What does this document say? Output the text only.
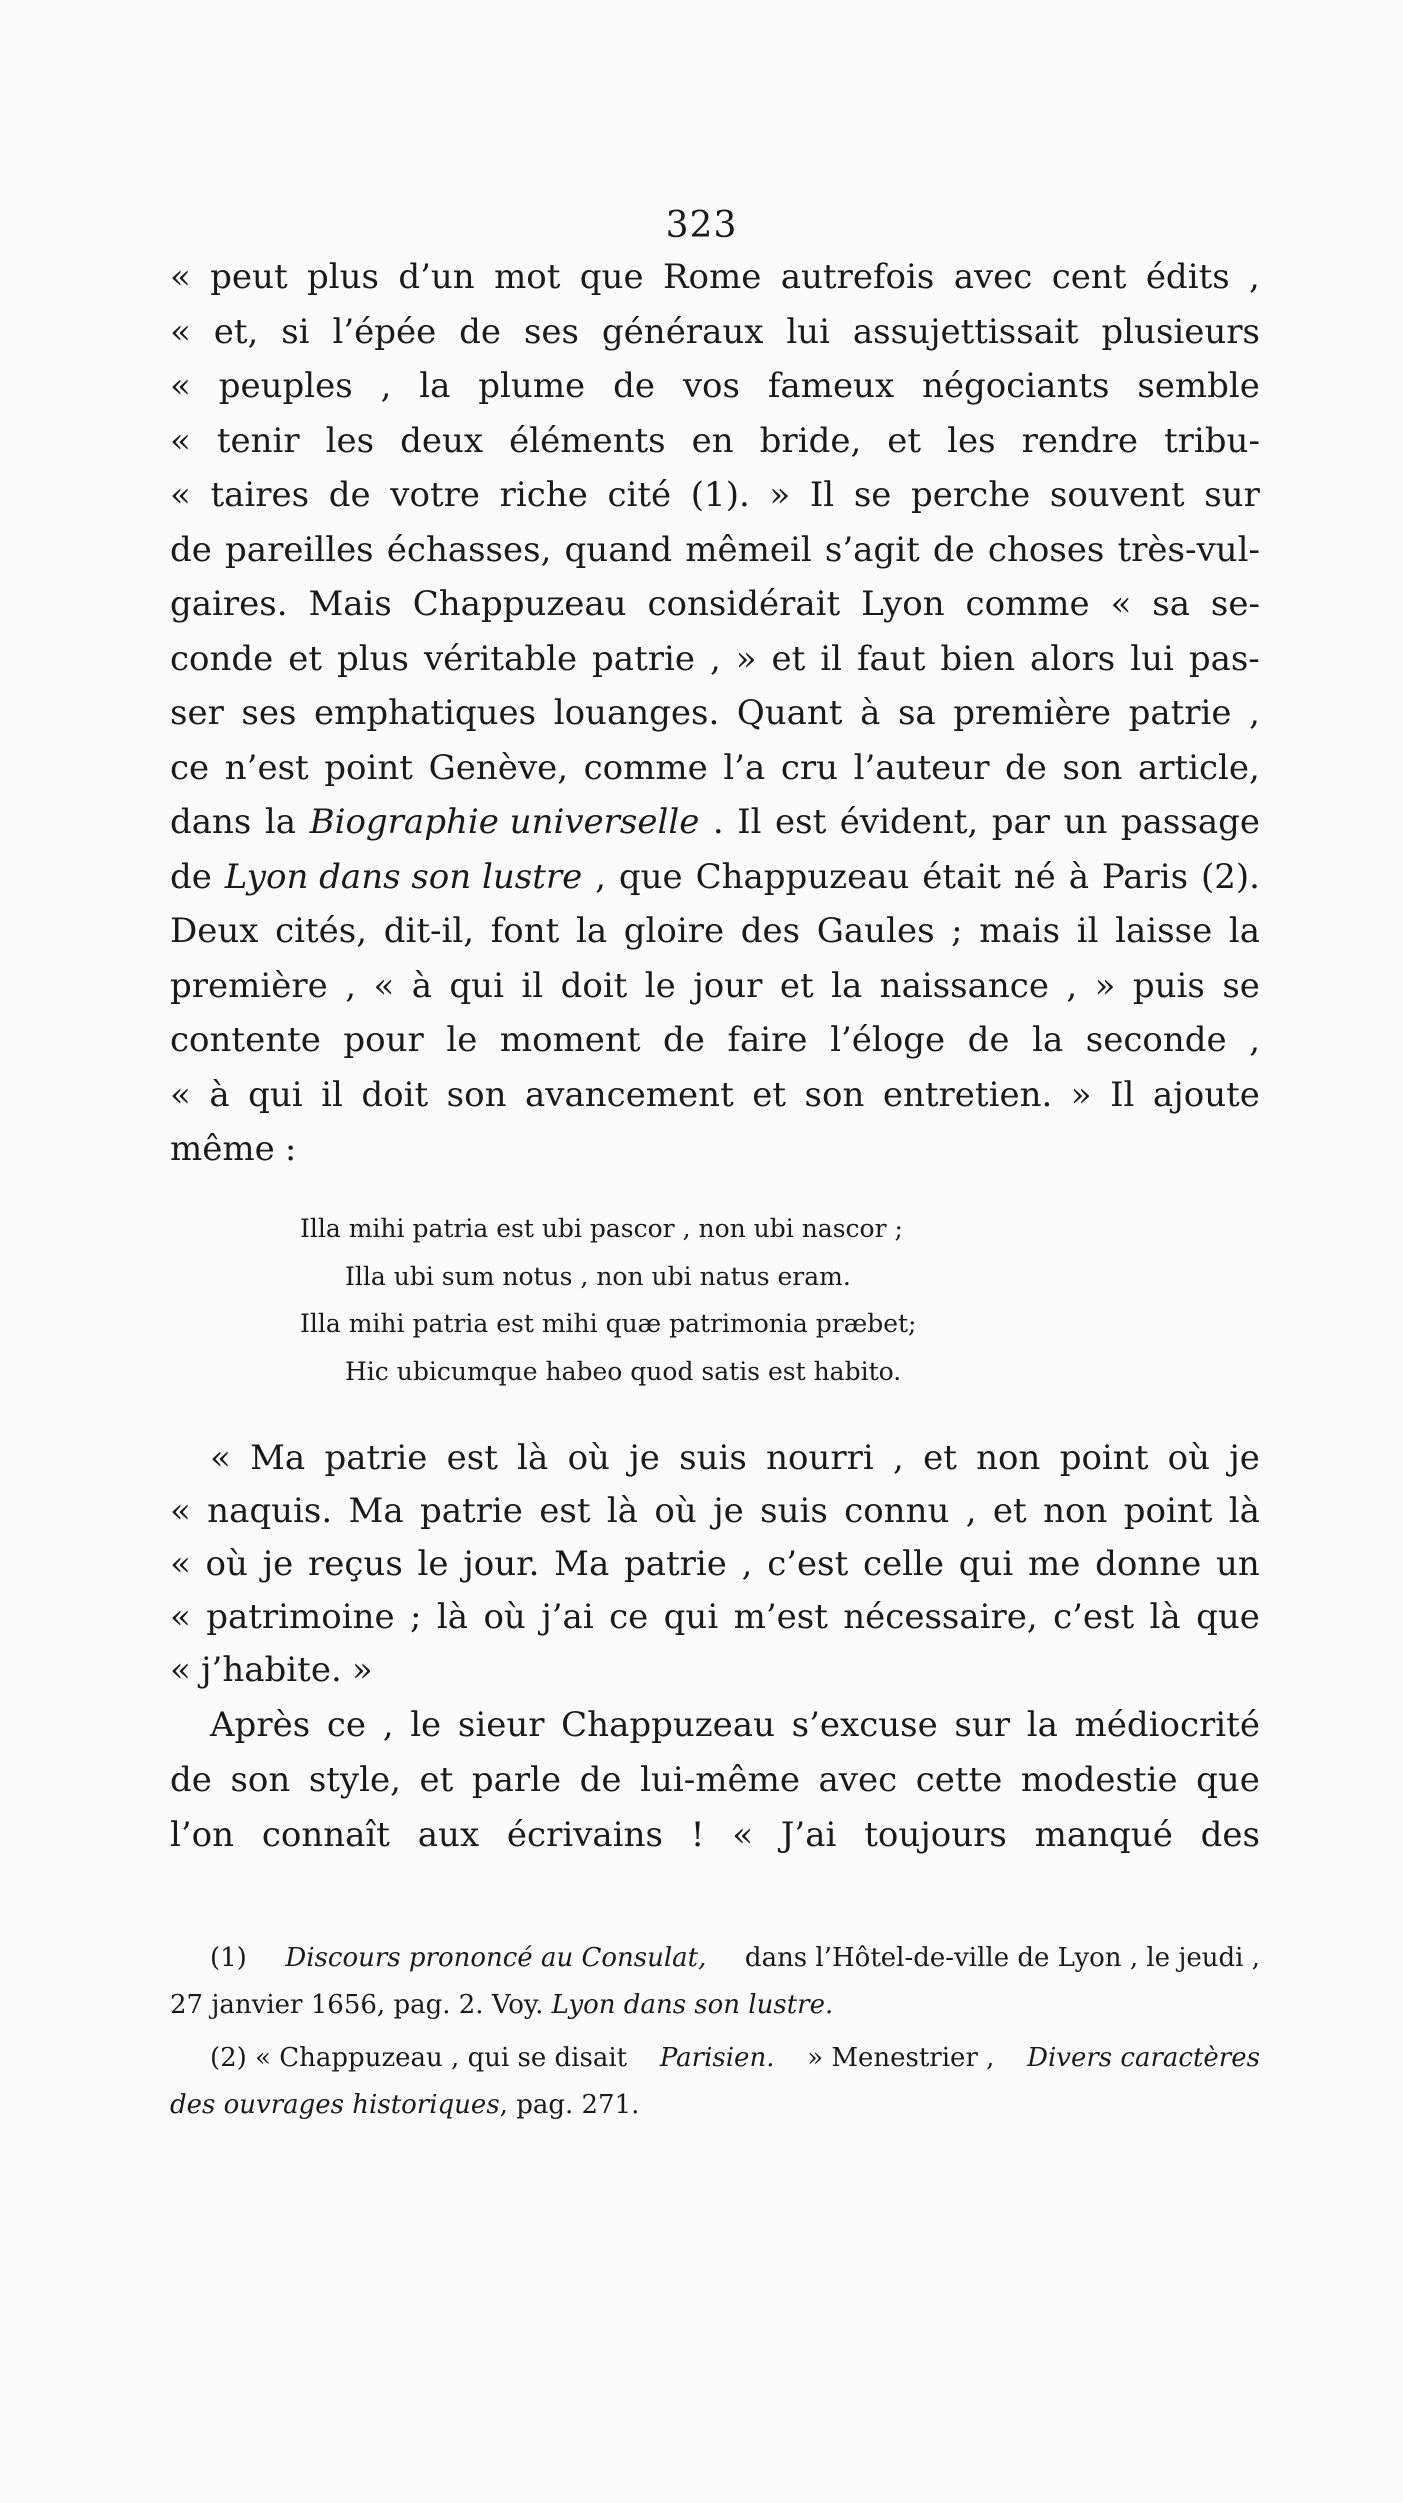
323
« peut plus d’un mot que Rome autrefois avec cent édits ,
« et, si l’épée de ses généraux lui assujettissait plusieurs
« peuples , la plume de vos fameux négociants semble
« tenir les deux éléments en bride, et les rendre tribu-
« taires de votre riche cité (1). » Il se perche souvent sur
de pareilles échasses, quand mêmeil s’agit de choses très-vul-
gaires. Mais Chappuzeau considérait Lyon comme « sa se-
conde et plus véritable patrie , » et il faut bien alors lui pas-
ser ses emphatiques louanges. Quant à sa première patrie ,
ce n’est point Genève, comme l’a cru l’auteur de son article,
dans la Biographie universelle . Il est évident, par un passage
de Lyon dans son lustre , que Chappuzeau était né à Paris (2).
Deux cités, dit-il, font la gloire des Gaules ; mais il laisse la
première , « à qui il doit le jour et la naissance , » puis se
contente pour le moment de faire l’éloge de la seconde ,
« à qui il doit son avancement et son entretien. » Il ajoute
même :
Illa mihi patria est ubi pascor , non ubi nascor ;
Illa ubi sum notus , non ubi natus eram.
Illa mihi patria est mihi quæ patrimonia præbet;
Hic ubicumque habeo quod satis est habito.
« Ma patrie est là où je suis nourri , et non point où je
« naquis. Ma patrie est là où je suis connu , et non point là
« où je reçus le jour. Ma patrie , c’est celle qui me donne un
« patrimoine ; là où j’ai ce qui m’est nécessaire, c’est là que
« j’habite. »
Après ce , le sieur Chappuzeau s’excuse sur la médiocrité
de son style, et parle de lui-même avec cette modestie que
l’on connaît aux écrivains ! « J’ai toujours manqué des
(1) Discours prononcé au Consulat, dans l’Hôtel-de-ville de Lyon , le jeudi ,
27 janvier 1656, pag. 2. Voy.
Lyon dans son lustre.
(2) « Chappuzeau , qui se disait Parisien. » Menestrier , Divers caractères
des ouvrages historiques , pag. 271.
